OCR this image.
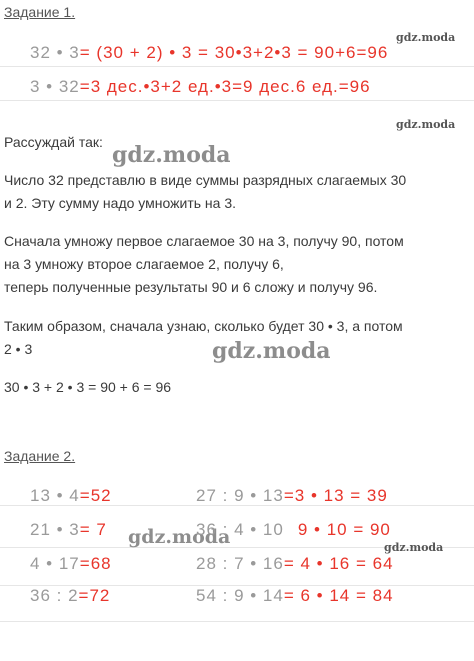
Задание 1.
gdz.moda
32 • 3= (30 + 2) • 3 = 30•3+2•3 = 90+6=96
3 • 32=3 дес.•3+2 ед.•3=9 дес.6 ед.=96
gdz.moda
Рассуждай так: gdz.moda
Число 32 представлю в виде суммы разрядных слагаемых 30
и 2. Эту сумму надо умножить на 3.
Сначала умножу первое слагаемое 30 на 3, получу 90, потом
на 3 умножу второе слагаемое 2, получу 6,
теперь полученные результаты 90 и 6 сложу и получу 96.
Таким образом, сначала узнаю, сколько будет 30 • 3, а потом
2 • 3	gdz.moda
30 • 3 + 2 • 3 = 90 + 6 = 96
Задание 2.
13 • 4=52
21 • 3= 7
4 • 17=68
36 : 2=72
gdz.moda	gdz.moda
27 : 9 • 13=3 • 13 = 39
36 : 4 • 10 9 • 10 = 90
28 : 7 • 16= 4 • 16 = 64
54 : 9 • 14= 6 • 14 = 84
